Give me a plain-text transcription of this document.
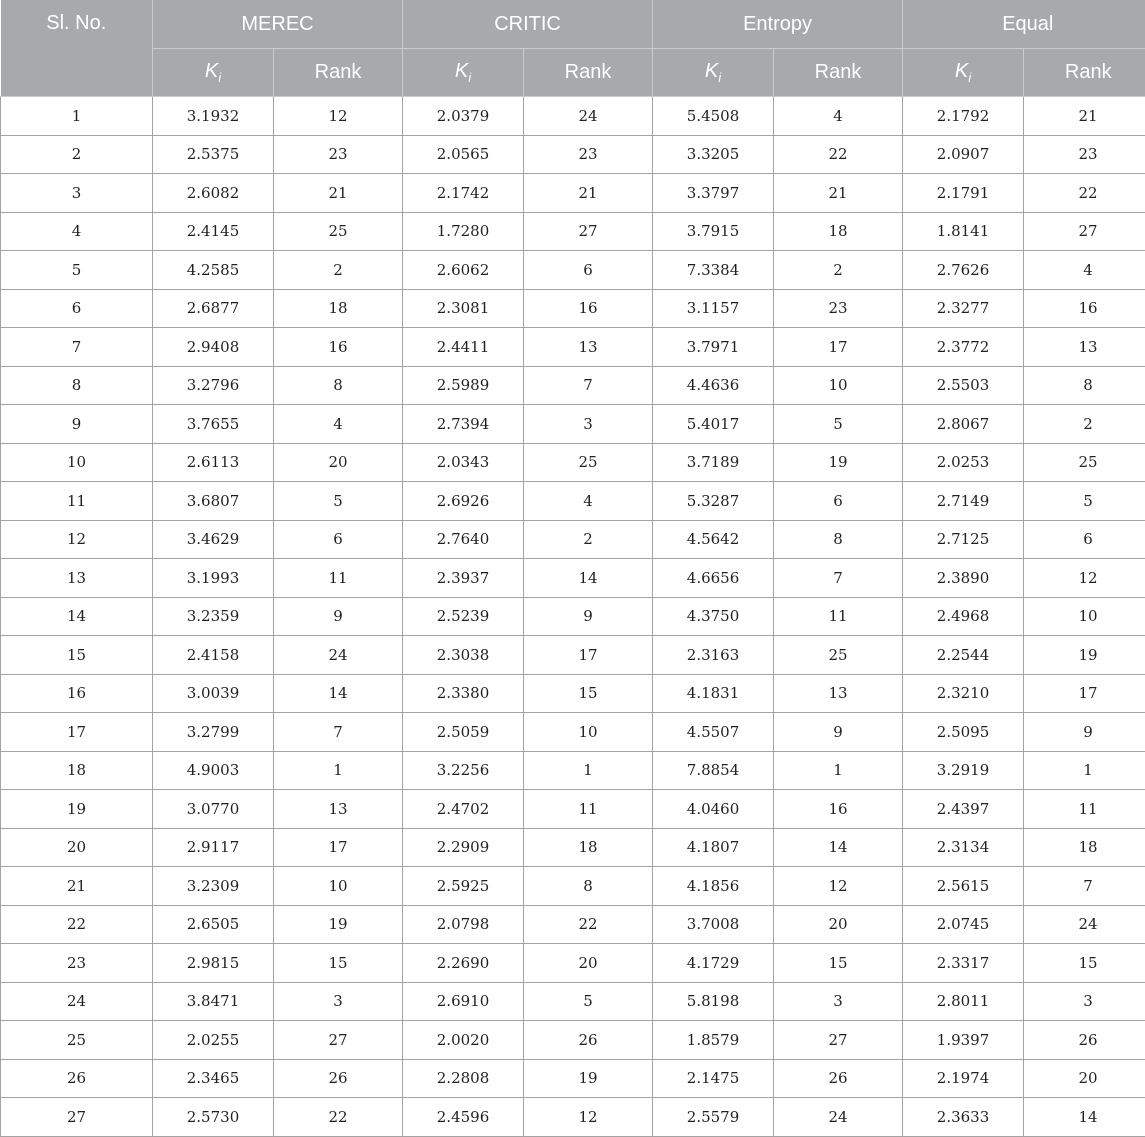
Sl. No.	MEREC		CRITIC		Entropy		Equal	
	$K_i$	Rank	$K_i$	Rank	$K_i$	Rank	$K_i$	Rank
1	3.1932	12	2.0379	24	5.4508	4	2.1792	21
2	2.5375	23	2.0565	23	3.3205	22	2.0907	23
3	2.6082	21	2.1742	21	3.3797	21	2.1791	22
4	2.4145	25	1.7280	27	3.7915	18	1.8141	27
5	4.2585	2	2.6062	6	7.3384	2	2.7626	4
6	2.6877	18	2.3081	16	3.1157	23	2.3277	16
7	2.9408	16	2.4411	13	3.7971	17	2.3772	13
8	3.2796	8	2.5989	7	4.4636	10	2.5503	8
9	3.7655	4	2.7394	3	5.4017	5	2.8067	2
10	2.6113	20	2.0343	25	3.7189	19	2.0253	25
11	3.6807	5	2.6926	4	5.3287	6	2.7149	5
12	3.4629	6	2.7640	2	4.5642	8	2.7125	6
13	3.1993	11	2.3937	14	4.6656	7	2.3890	12
14	3.2359	9	2.5239	9	4.3750	11	2.4968	10
15	2.4158	24	2.3038	17	2.3163	25	2.2544	19
16	3.0039	14	2.3380	15	4.1831	13	2.3210	17
17	3.2799	7	2.5059	10	4.5507	9	2.5095	9
18	4.9003	1	3.2256	1	7.8854	1	3.2919	1
19	3.0770	13	2.4702	11	4.0460	16	2.4397	11
20	2.9117	17	2.2909	18	4.1807	14	2.3134	18
21	3.2309	10	2.5925	8	4.1856	12	2.5615	7
22	2.6505	19	2.0798	22	3.7008	20	2.0745	24
23	2.9815	15	2.2690	20	4.1729	15	2.3317	15
24	3.8471	3	2.6910	5	5.8198	3	2.8011	3
25	2.0255	27	2.0020	26	1.8579	27	1.9397	26
26	2.3465	26	2.2808	19	2.1475	26	2.1974	20
27	2.5730	22	2.4596	12	2.5579	24	2.3633	14
